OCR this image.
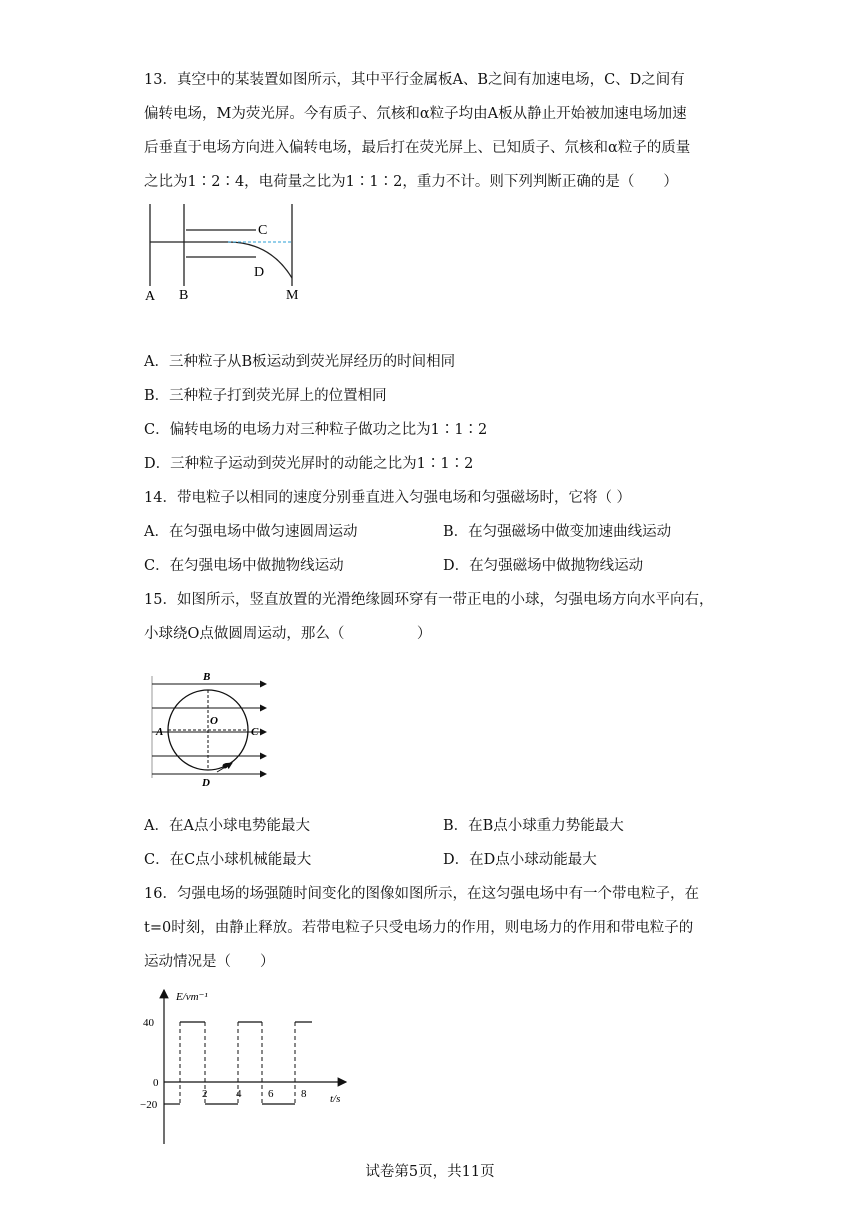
13．真空中的某装置如图所示，其中平行金属板A、B之间有加速电场，C、D之间有
偏转电场，M为荧光屏。今有质子、氘核和α粒子均由A板从静止开始被加速电场加速
后垂直于电场方向进入偏转电场，最后打在荧光屏上、已知质子、氘核和α粒子的质量
之比为1∶2∶4，电荷量之比为1∶1∶2，重力不计。则下列判断正确的是（　　）
C
D
A B	M
A．三种粒子从B板运动到荧光屏经历的时间相同
B．三种粒子打到荧光屏上的位置相同
C．偏转电场的电场力对三种粒子做功之比为1∶1∶2
D．三种粒子运动到荧光屏时的动能之比为1∶1∶2
14．带电粒子以相同的速度分别垂直进入匀强电场和匀强磁场时，它将（ ）
A．在匀强电场中做匀速圆周运动	B．在匀强磁场中做变加速曲线运动
C．在匀强电场中做抛物线运动	D．在匀强磁场中做抛物线运动
15．如图所示，竖直放置的光滑绝缘圆环穿有一带正电的小球，匀强电场方向水平向右，
小球绕O点做圆周运动，那么（　　　　　）
B
O
A	C
D
A．在A点小球电势能最大	B．在B点小球重力势能最大
C．在C点小球机械能最大	D．在D点小球动能最大
16．匀强电场的场强随时间变化的图像如图所示，在这匀强电场中有一个带电粒子，在
t=0时刻，由静止释放。若带电粒子只受电场力的作用，则电场力的作用和带电粒子的
运动情况是（　　）
E/vm⁻¹
t/s
0
40
−20
2	4 6	8
试卷第5页，共11页
